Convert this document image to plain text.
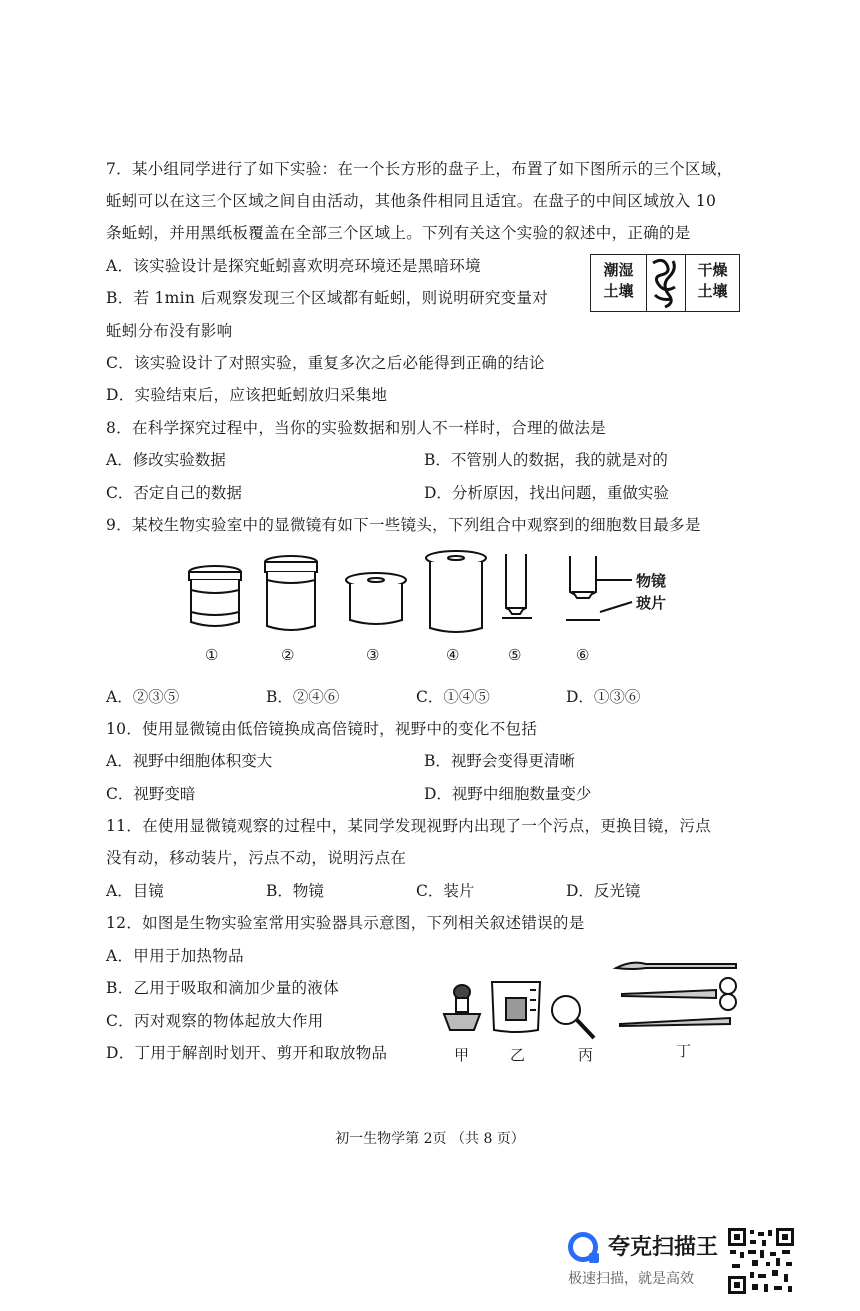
7．某小组同学进行了如下实验：在一个长方形的盘子上，布置了如下图所示的三个区域，
蚯蚓可以在这三个区域之间自由活动，其他条件相同且适宜。在盘子的中间区域放入 10
条蚯蚓，并用黑纸板覆盖在全部三个区域上。下列有关这个实验的叙述中，正确的是
A．该实验设计是探究蚯蚓喜欢明亮环境还是黑暗环境
B．若 1min 后观察发现三个区域都有蚯蚓，则说明研究变量对
蚯蚓分布没有影响
C．该实验设计了对照实验，重复多次之后必能得到正确的结论
D．实验结束后，应该把蚯蚓放归采集地
潮湿
土壤
干燥
土壤
8．在科学探究过程中，当你的实验数据和别人不一样时，合理的做法是
A．修改实验数据	B．不管别人的数据，我的就是对的
C．否定自己的数据	D．分析原因，找出问题，重做实验
9．某校生物实验室中的显微镜有如下一些镜头，下列组合中观察到的细胞数目最多是
物镜
玻片
①	②	③	④	⑤	⑥
A．②③⑤	B．②④⑥	C．①④⑤	D．①③⑥
10．使用显微镜由低倍镜换成高倍镜时，视野中的变化不包括
A．视野中细胞体积变大	B．视野会变得更清晰
C．视野变暗	D．视野中细胞数量变少
11．在使用显微镜观察的过程中，某同学发现视野内出现了一个污点，更换目镜，污点
没有动，移动装片，污点不动，说明污点在
A．目镜	B．物镜	C．装片	D．反光镜
12．如图是生物实验室常用实验器具示意图，下列相关叙述错误的是
A．甲用于加热物品
B．乙用于吸取和滴加少量的液体
C．丙对观察的物体起放大作用
D．丁用于解剖时划开、剪开和取放物品	甲	乙	丙	丁
初一生物学第 2页 （共 8 页）
夸克扫描王
极速扫描，就是高效
